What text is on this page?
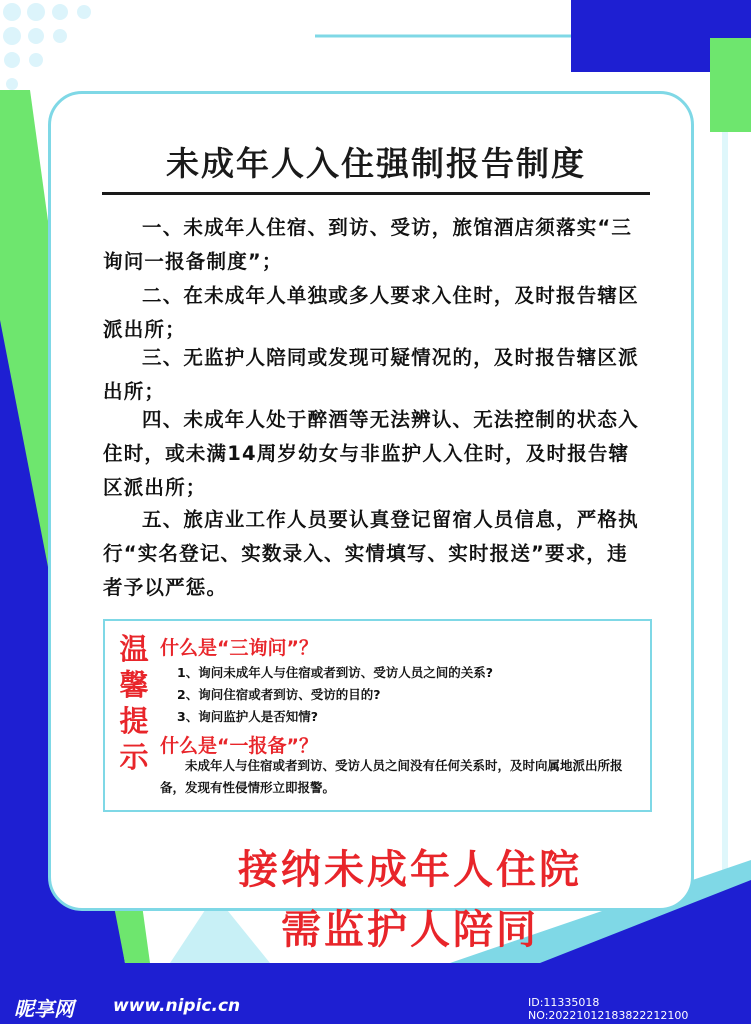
未成年人入住强制报告制度
一、未成年人住宿、到访、受访，旅馆酒店须落实“三询问一报备制度”；
二、在未成年人单独或多人要求入住时，及时报告辖区派出所；
三、无监护人陪同或发现可疑情况的，及时报告辖区派出所；
四、未成年人处于醉酒等无法辨认、无法控制的状态入住时，或未满14周岁幼女与非监护人入住时，及时报告辖区派出所；
五、旅店业工作人员要认真登记留宿人员信息，严格执行“实名登记、实数录入、实情填写、实时报送”要求，违者予以严惩。
温
馨
提
示
什么是“三询问”？
1、询问未成年人与住宿或者到访、受访人员之间的关系?
2、询问住宿或者到访、受访的目的?
3、询问监护人是否知情?
什么是“一报备”？
未成年人与住宿或者到访、受访人员之间没有任何关系时，及时向属地派出所报备，发现有性侵情形立即报警。
接纳未成年人住院
需监护人陪同
昵享网 www.nipic.cn	ID:11335018 NO:20221012183822212100
